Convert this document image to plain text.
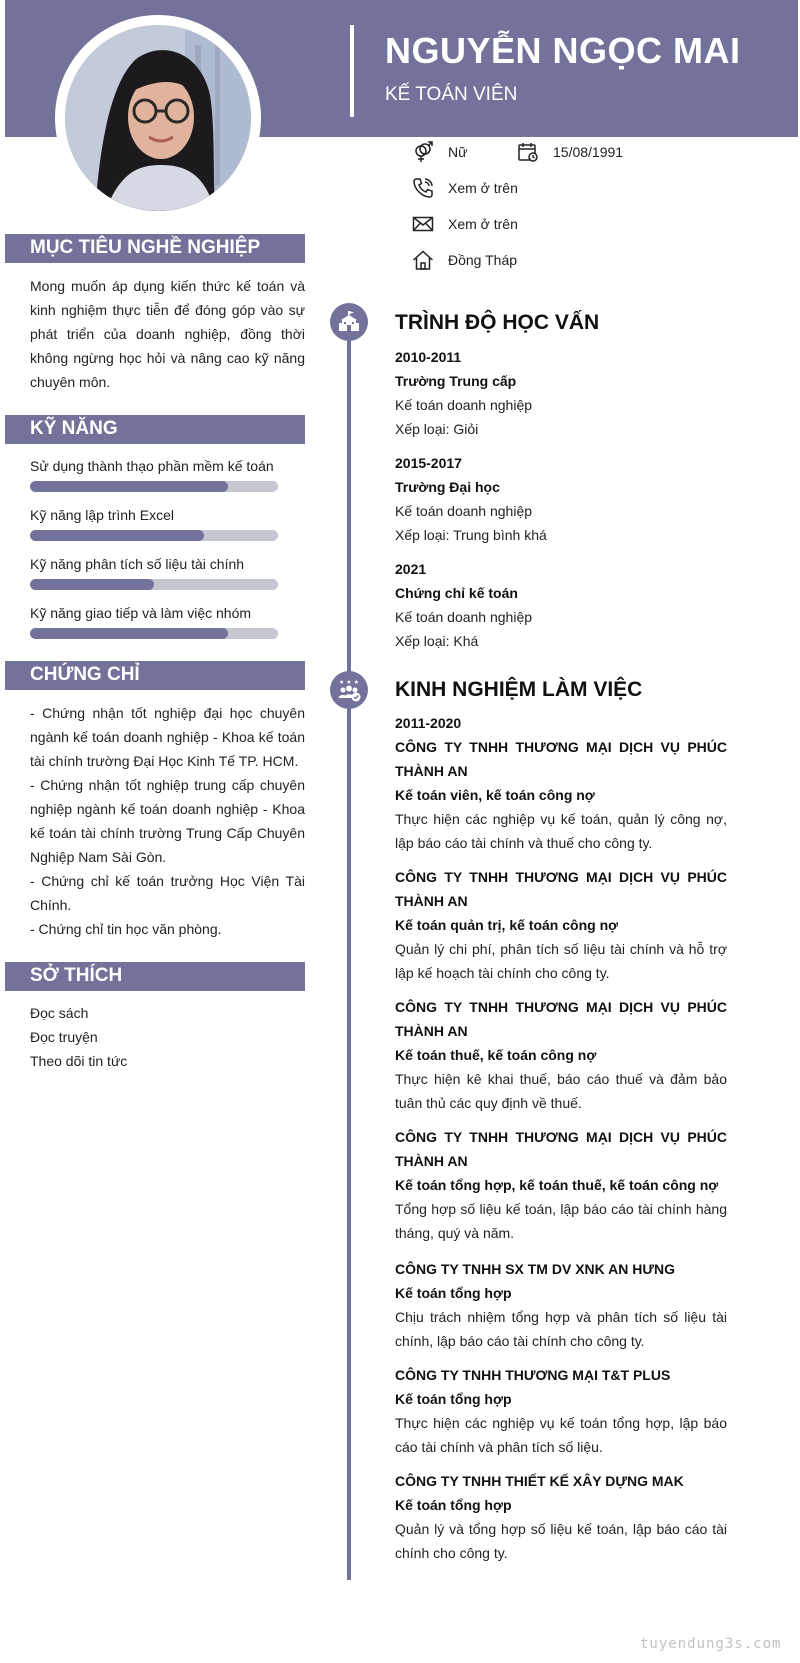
NGUYỄN NGỌC MAI
KẾ TOÁN VIÊN
Nữ	15/08/1991
Xem ở trên
Xem ở trên
Đồng Tháp
MỤC TIÊU NGHỀ NGHIỆP
Mong muốn áp dụng kiến thức kế toán và kinh nghiệm thực tiễn để đóng góp vào sự phát triển của doanh nghiệp, đồng thời không ngừng học hỏi và nâng cao kỹ năng chuyên môn.
KỸ NĂNG
Sử dụng thành thạo phần mềm kế toán
Kỹ năng lập trình Excel
Kỹ năng phân tích số liệu tài chính
Kỹ năng giao tiếp và làm việc nhóm
CHỨNG CHỈ
- Chứng nhận tốt nghiệp đại học chuyên ngành kế toán doanh nghiệp - Khoa kế toán tài chính trường Đại Học Kinh Tế TP. HCM.
- Chứng nhận tốt nghiệp trung cấp chuyên nghiệp ngành kế toán doanh nghiệp - Khoa kế toán tài chính trường Trung Cấp Chuyên Nghiệp Nam Sài Gòn.
- Chứng chỉ kế toán trưởng Học Viện Tài Chính.
- Chứng chỉ tin học văn phòng.
SỞ THÍCH
Đọc sách
Đọc truyện
Theo dõi tin tức
★ ★ ★
TRÌNH ĐỘ HỌC VẤN
2010-2011
Trường Trung cấp
Kế toán doanh nghiệp
Xếp loại: Giỏi
2015-2017
Trường Đại học
Kế toán doanh nghiệp
Xếp loại: Trung bình khá
2021
Chứng chỉ kế toán
Kế toán doanh nghiệp
Xếp loại: Khá
KINH NGHIỆM LÀM VIỆC
2011-2020
CÔNG TY TNHH THƯƠNG MẠI DỊCH VỤ PHÚC THÀNH AN
Kế toán viên, kế toán công nợ
Thực hiện các nghiệp vụ kế toán, quản lý công nợ, lập báo cáo tài chính và thuế cho công ty.
CÔNG TY TNHH THƯƠNG MẠI DỊCH VỤ PHÚC THÀNH AN
Kế toán quản trị, kế toán công nợ
Quản lý chi phí, phân tích số liệu tài chính và hỗ trợ lập kế hoạch tài chính cho công ty.
CÔNG TY TNHH THƯƠNG MẠI DỊCH VỤ PHÚC THÀNH AN
Kế toán thuế, kế toán công nợ
Thực hiện kê khai thuế, báo cáo thuế và đảm bảo tuân thủ các quy định về thuế.
CÔNG TY TNHH THƯƠNG MẠI DỊCH VỤ PHÚC THÀNH AN
Kế toán tổng hợp, kế toán thuế, kế toán công nợ
Tổng hợp số liệu kế toán, lập báo cáo tài chính hàng tháng, quý và năm.
CÔNG TY TNHH SX TM DV XNK AN HƯNG
Kế toán tổng hợp
Chịu trách nhiệm tổng hợp và phân tích số liệu tài chính, lập báo cáo tài chính cho công ty.
CÔNG TY TNHH THƯƠNG MẠI T&T PLUS
Kế toán tổng hợp
Thực hiện các nghiệp vụ kế toán tổng hợp, lập báo cáo tài chính và phân tích số liệu.
CÔNG TY TNHH THIẾT KẾ XÂY DỰNG MAK
Kế toán tổng hợp
Quản lý và tổng hợp số liệu kế toán, lập báo cáo tài chính cho công ty.
tuyendung3s.com
